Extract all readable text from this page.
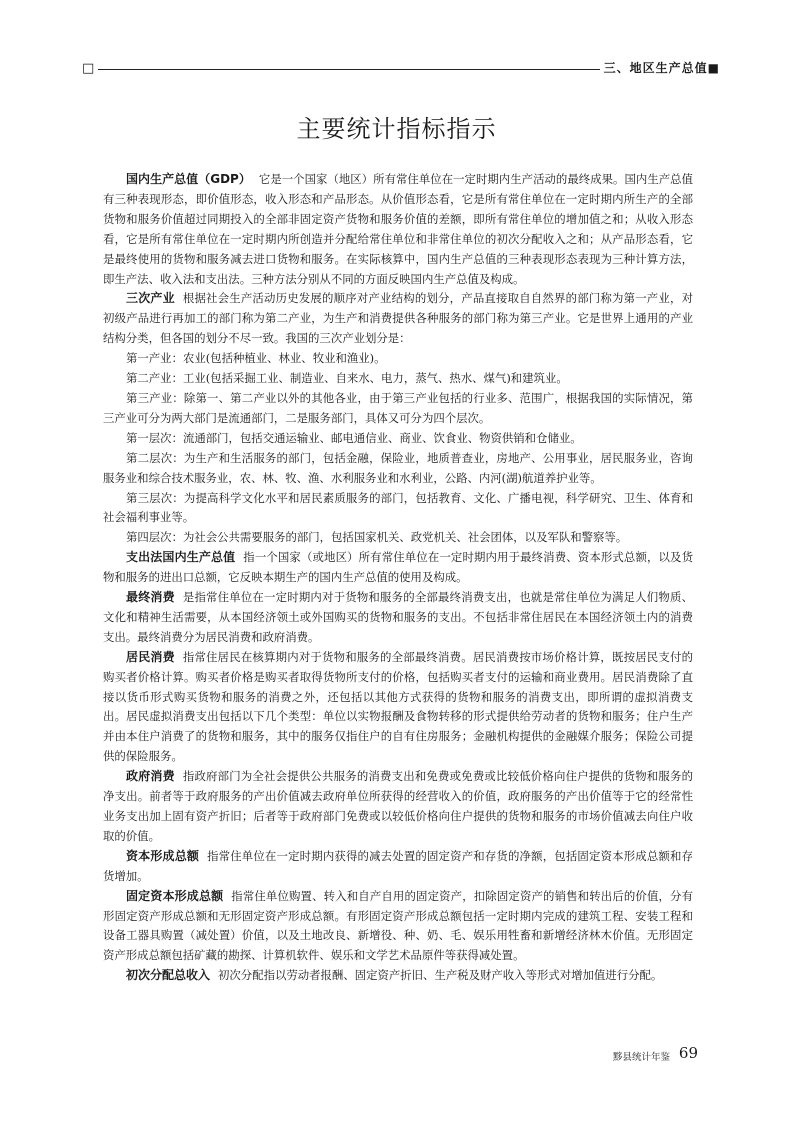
□	三、地区生产总值■
主要统计指标指示

国内生产总值（GDP） 它是一个国家（地区）所有常住单位在一定时期内生产活动的最终成果。国内生产总值有三种表现形态，即价值形态，收入形态和产品形态。从价值形态看，它是所有常住单位在一定时期内所生产的全部货物和服务价值超过同期投入的全部非固定资产货物和服务价值的差额，即所有常住单位的增加值之和；从收入形态看，它是所有常住单位在一定时期内所创造并分配给常住单位和非常住单位的初次分配收入之和；从产品形态看，它是最终使用的货物和服务减去进口货物和服务。在实际核算中，国内生产总值的三种表现形态表现为三种计算方法，即生产法、收入法和支出法。三种方法分别从不同的方面反映国内生产总值及构成。

三次产业 根据社会生产活动历史发展的顺序对产业结构的划分，产品直接取自自然界的部门称为第一产业，对初级产品进行再加工的部门称为第二产业，为生产和消费提供各种服务的部门称为第三产业。它是世界上通用的产业结构分类，但各国的划分不尽一致。我国的三次产业划分是：

第一产业：农业(包括种植业、林业、牧业和渔业)。

第二产业：工业(包括采掘工业、制造业、自来水、电力，蒸气、热水、煤气)和建筑业。

第三产业：除第一、第二产业以外的其他各业，由于第三产业包括的行业多、范围广，根据我国的实际情况，第三产业可分为两大部门是流通部门，二是服务部门，具体又可分为四个层次。

第一层次：流通部门，包括交通运输业、邮电通信业、商业、饮食业、物资供销和仓储业。

第二层次：为生产和生活服务的部门，包括金融，保险业，地质普查业，房地产、公用事业，居民服务业，咨询服务业和综合技术服务业，农、林、牧、渔、水利服务业和水利业，公路、内河(湖)航道养护业等。

第三层次：为提高科学文化水平和居民素质服务的部门，包括教育、文化、广播电视，科学研究、卫生、体育和社会福利事业等。

第四层次：为社会公共需要服务的部门，包括国家机关、政党机关、社会团体，以及军队和警察等。

支出法国内生产总值 指一个国家（或地区）所有常住单位在一定时期内用于最终消费、资本形式总额，以及货物和服务的进出口总额，它反映本期生产的国内生产总值的使用及构成。

最终消费 是指常住单位在一定时期内对于货物和服务的全部最终消费支出，也就是常住单位为满足人们物质、文化和精神生活需要，从本国经济领土或外国购买的货物和服务的支出。不包括非常住居民在本国经济领土内的消费支出。最终消费分为居民消费和政府消费。

居民消费 指常住居民在核算期内对于货物和服务的全部最终消费。居民消费按市场价格计算，既按居民支付的购买者价格计算。购买者价格是购买者取得货物所支付的价格，包括购买者支付的运输和商业费用。居民消费除了直接以货币形式购买货物和服务的消费之外，还包括以其他方式获得的货物和服务的消费支出，即所谓的虚拟消费支出。居民虚拟消费支出包括以下几个类型：单位以实物报酬及食物转移的形式提供给劳动者的货物和服务；住户生产并由本住户消费了的货物和服务，其中的服务仅指住户的自有住房服务；金融机构提供的金融媒介服务；保险公司提供的保险服务。

政府消费 指政府部门为全社会提供公共服务的消费支出和免费或免费或比较低价格向住户提供的货物和服务的净支出。前者等于政府服务的产出价值减去政府单位所获得的经营收入的价值，政府服务的产出价值等于它的经常性业务支出加上固有资产折旧；后者等于政府部门免费或以较低价格向住户提供的货物和服务的市场价值减去向住户收取的价值。

资本形成总额 指常住单位在一定时期内获得的减去处置的固定资产和存货的净额，包括固定资本形成总额和存货增加。

固定资本形成总额 指常住单位购置、转入和自产自用的固定资产，扣除固定资产的销售和转出后的价值，分有形固定资产形成总额和无形固定资产形成总额。有形固定资产形成总额包括一定时期内完成的建筑工程、安装工程和设备工器具购置（减处置）价值，以及土地改良、新增役、种、奶、毛、娱乐用牲畜和新增经济林木价值。无形固定资产形成总额包括矿藏的勘探、计算机软件、娱乐和文学艺术品原件等获得减处置。

初次分配总收入 初次分配指以劳动者报酬、固定资产折旧、生产税及财产收入等形式对增加值进行分配。

黟县统计年鉴 69
